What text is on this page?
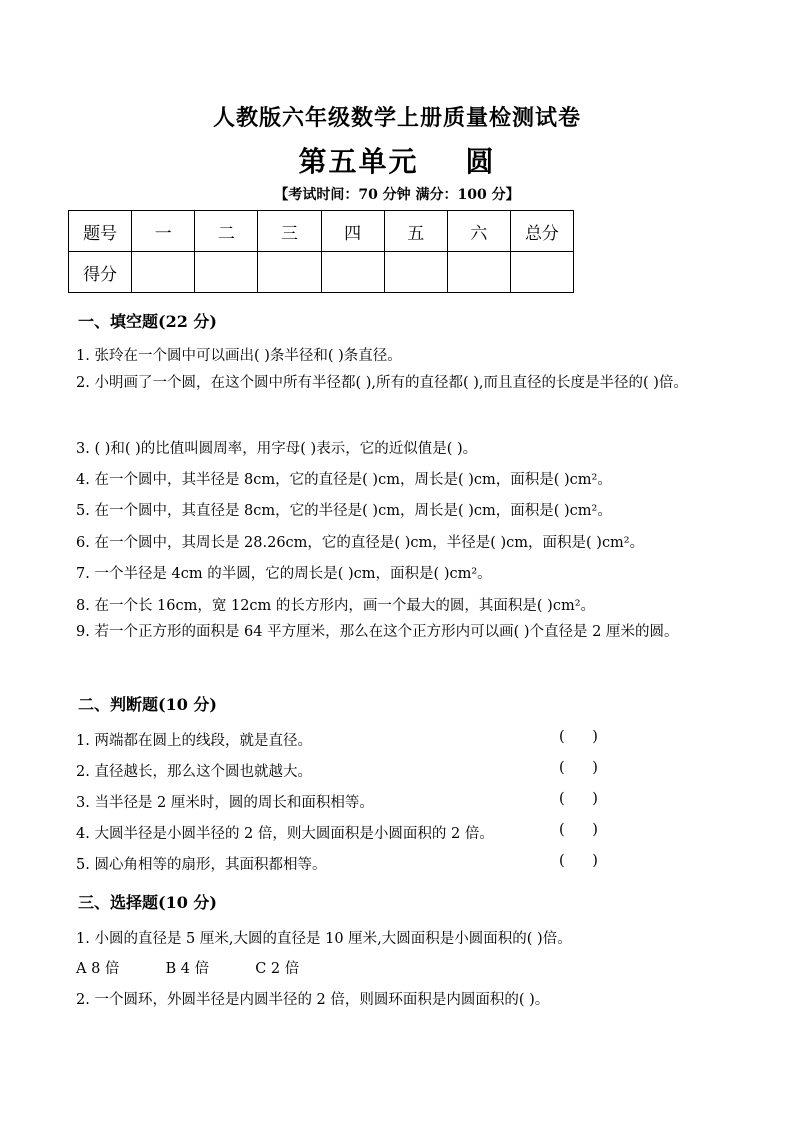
人教版六年级数学上册质量检测试卷
第五单元    圆
【考试时间：70 分钟 满分：100 分】
题号	一	二	三	四	五	六	总分
得分							
一、填空题(22 分)
1. 张玲在一个圆中可以画出( )条半径和( )条直径。
2. 小明画了一个圆，在这个圆中所有半径都( ),所有的直径都( ),而且直径的长度是半径的( )倍。
3. ( )和( )的比值叫圆周率，用字母( )表示，它的近似值是( )。
4. 在一个圆中，其半径是 8cm，它的直径是( )cm，周长是( )cm，面积是( )cm²。
5. 在一个圆中，其直径是 8cm，它的半径是( )cm，周长是( )cm，面积是( )cm²。
6. 在一个圆中，其周长是 28.26cm，它的直径是( )cm，半径是( )cm，面积是( )cm²。
7. 一个半径是 4cm 的半圆，它的周长是( )cm，面积是( )cm²。
8. 在一个长 16cm，宽 12cm 的长方形内，画一个最大的圆，其面积是( )cm²。
9. 若一个正方形的面积是 64 平方厘米，那么在这个正方形内可以画( )个直径是 2 厘米的圆。
二、判断题(10 分)
1. 两端都在圆上的线段，就是直径。	(      )
2. 直径越长，那么这个圆也就越大。	(      )
3. 当半径是 2 厘米时，圆的周长和面积相等。	(      )
4. 大圆半径是小圆半径的 2 倍，则大圆面积是小圆面积的 2 倍。	(      )
5. 圆心角相等的扇形，其面积都相等。	(      )
三、选择题(10 分)
1. 小圆的直径是 5 厘米,大圆的直径是 10 厘米,大圆面积是小圆面积的( )倍。
A 8 倍          B 4 倍          C 2 倍
2. 一个圆环，外圆半径是内圆半径的 2 倍，则圆环面积是内圆面积的( )。
